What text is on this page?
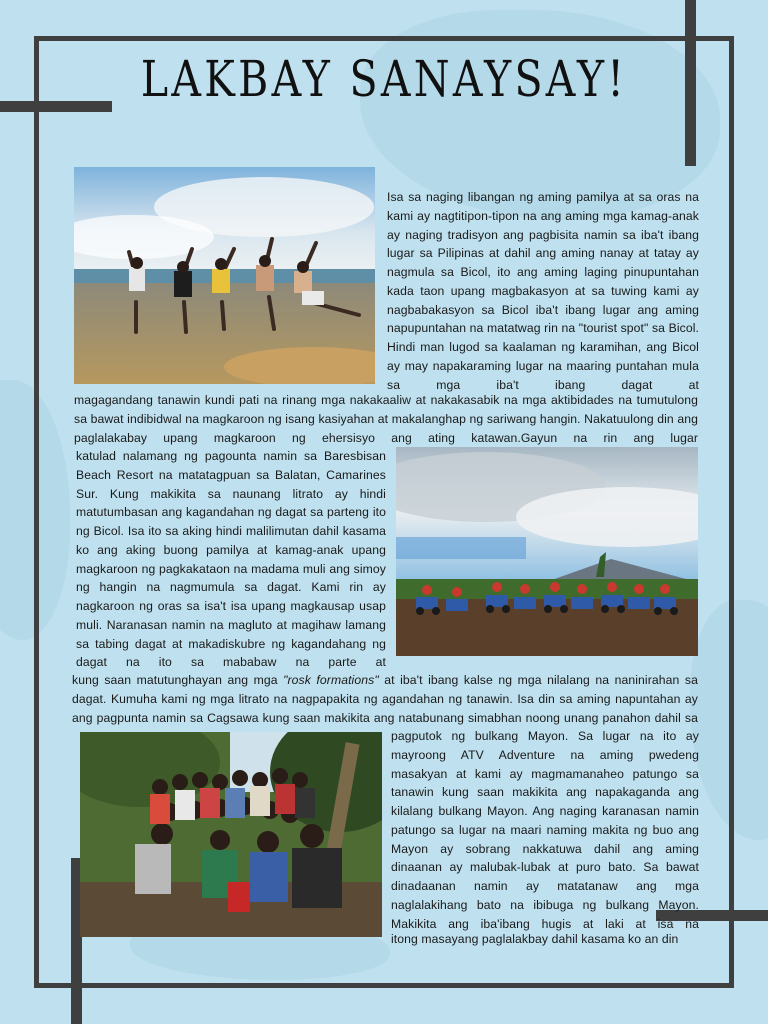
LAKBAY SANAYSAY!

Isa sa naging libangan ng aming pamilya at sa oras na kami ay nagtitipon-tipon na ang aming mga kamag-anak ay naging tradisyon ang pagbisita namin sa iba't ibang lugar sa Pilipinas at dahil ang aming nanay at tatay ay nagmula sa Bicol, ito ang aming laging pinupuntahan kada taon upang magbakasyon at sa tuwing kami ay nagbabakasyon sa Bicol iba't ibang lugar ang aming napupuntahan na matatwag rin na "tourist spot" sa Bicol. Hindi man lugod sa kaalaman ng karamihan, ang Bicol ay may napakaraming lugar na maaring puntahan mula sa mga iba't ibang dagat at

magagandang tanawin kundi pati na rinang mga nakakaaliw at nakakasabik na mga aktibidades na tumutulong sa bawat indibidwal na magkaroon ng isang kasiyahan at makalanghap ng sariwang hangin. Nakatuulong din ang paglalakabay upang magkaroon ng ehersisyo ang ating katawan.Gayun na rin ang lugar

katulad nalamang ng pagounta namin sa Baresbisan Beach Resort na matatagpuan sa Balatan, Camarines Sur. Kung makikita sa naunang litrato ay hindi matutumbasan ang kagandahan ng dagat sa parteng ito ng Bicol. Isa ito sa aking hindi malilimutan dahil kasama ko ang aking buong pamilya at kamag-anak upang magkaroon ng pagkakataon na madama muli ang simoy ng hangin na nagmumula sa dagat. Kami rin ay nagkaroon ng oras sa isa't isa upang magkausap usap muli. Naranasan namin na magluto at magihaw lamang sa tabing dagat at makadiskubre ng kagandahang ng dagat na ito sa mababaw na parte at

kung saan matutunghayan ang mga "rosk formations" at iba't ibang kalse ng mga nilalang na naninirahan sa dagat. Kumuha kami ng mga litrato na nagpapakita ng agandahan ng tanawin. Isa din sa aming napuntahan ay ang pagpunta namin sa Cagsawa kung saan makikita ang natabunang simabhan noong unang panahon dahil sa

pagputok ng bulkang Mayon. Sa lugar na ito ay mayroong ATV Adventure na aming pwedeng masakyan at kami ay magmamanaheo patungo sa tanawin kung saan makikita ang napakaganda ang kilalang bulkang Mayon. Ang naging karanasan namin patungo sa lugar na maari naming makita ng buo ang Mayon ay sobrang nakkatuwa dahil ang aming dinaanan ay malubak-lubak at puro bato. Sa bawat dinadaanan namin ay matatanaw ang mga naglalakihang bato na ibibuga ng bulkang Mayon. Makikita ang iba'ibang hugis at laki at isa na

itong masayang paglalakbay dahil kasama ko an din
